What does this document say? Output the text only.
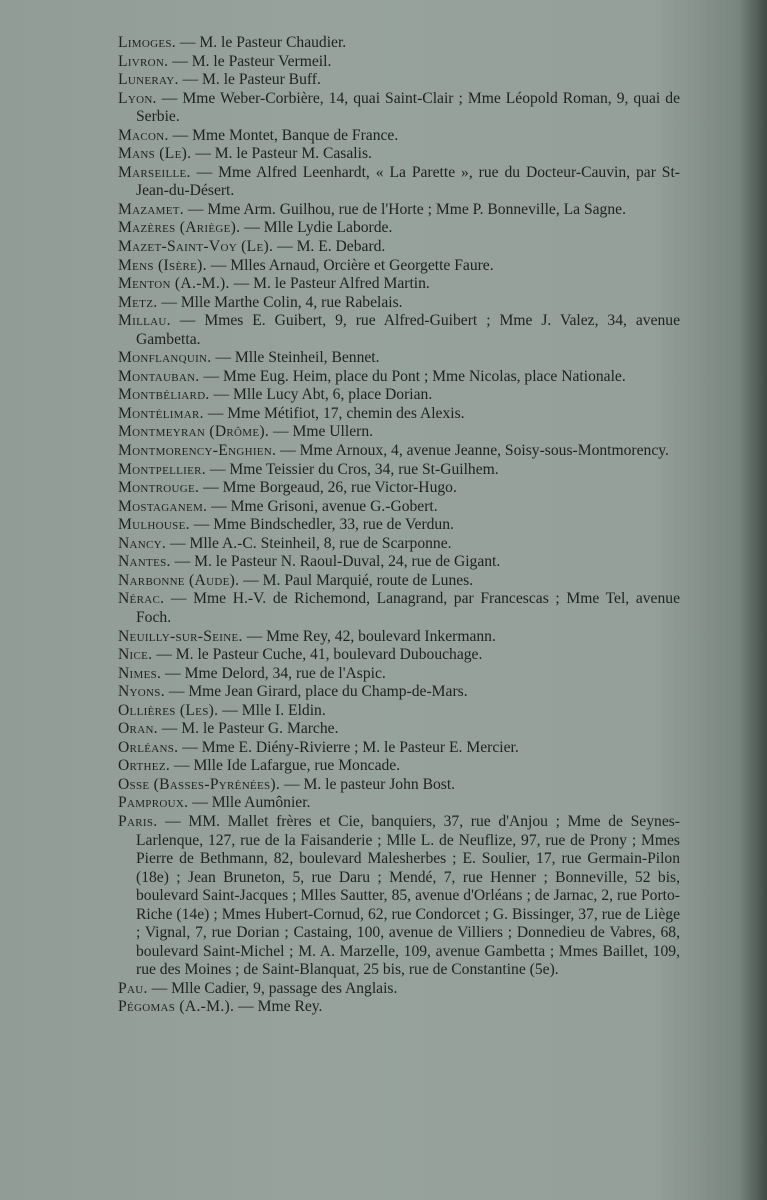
Limoges. — M. le Pasteur Chaudier.

Livron. — M. le Pasteur Vermeil.

Luneray. — M. le Pasteur Buff.

Lyon. — Mme Weber-Corbière, 14, quai Saint-Clair ; Mme Léopold Roman, 9, quai de Serbie.

Macon. — Mme Montet, Banque de France.

Mans (Le). — M. le Pasteur M. Casalis.

Marseille. — Mme Alfred Leenhardt, « La Parette », rue du Docteur-Cauvin, par St-Jean-du-Désert.

Mazamet. — Mme Arm. Guilhou, rue de l'Horte ; Mme P. Bonneville, La Sagne.

Mazères (Ariège). — Mlle Lydie Laborde.

Mazet-Saint-Voy (Le). — M. E. Debard.

Mens (Isère). — Mlles Arnaud, Orcière et Georgette Faure.

Menton (A.-M.). — M. le Pasteur Alfred Martin.

Metz. — Mlle Marthe Colin, 4, rue Rabelais.

Millau. — Mmes E. Guibert, 9, rue Alfred-Guibert ; Mme J. Valez, 34, avenue Gambetta.

Monflanquin. — Mlle Steinheil, Bennet.

Montauban. — Mme Eug. Heim, place du Pont ; Mme Nicolas, place Nationale.

Montbéliard. — Mlle Lucy Abt, 6, place Dorian.

Montélimar. — Mme Métifiot, 17, chemin des Alexis.

Montmeyran (Drôme). — Mme Ullern.

Montmorency-Enghien. — Mme Arnoux, 4, avenue Jeanne, Soisy-sous-Montmorency.

Montpellier. — Mme Teissier du Cros, 34, rue St-Guilhem.

Montrouge. — Mme Borgeaud, 26, rue Victor-Hugo.

Mostaganem. — Mme Grisoni, avenue G.-Gobert.

Mulhouse. — Mme Bindschedler, 33, rue de Verdun.

Nancy. — Mlle A.-C. Steinheil, 8, rue de Scarponne.

Nantes. — M. le Pasteur N. Raoul-Duval, 24, rue de Gigant.

Narbonne (Aude). — M. Paul Marquié, route de Lunes.

Nérac. — Mme H.-V. de Richemond, Lanagrand, par Francescas ; Mme Tel, avenue Foch.

Neuilly-sur-Seine. — Mme Rey, 42, boulevard Inkermann.

Nice. — M. le Pasteur Cuche, 41, boulevard Dubouchage.

Nimes. — Mme Delord, 34, rue de l'Aspic.

Nyons. — Mme Jean Girard, place du Champ-de-Mars.

Ollières (Les). — Mlle I. Eldin.

Oran. — M. le Pasteur G. Marche.

Orléans. — Mme E. Diény-Rivierre ; M. le Pasteur E. Mercier.

Orthez. — Mlle Ide Lafargue, rue Moncade.

Osse (Basses-Pyrénées). — M. le pasteur John Bost.

Pamproux. — Mlle Aumônier.

Paris. — MM. Mallet frères et Cie, banquiers, 37, rue d'Anjou ; Mme de Seynes-Larlenque, 127, rue de la Faisanderie ; Mlle L. de Neuflize, 97, rue de Prony ; Mmes Pierre de Bethmann, 82, boulevard Malesherbes ; E. Soulier, 17, rue Germain-Pilon (18e) ; Jean Bruneton, 5, rue Daru ; Mendé, 7, rue Henner ; Bonneville, 52 bis, boulevard Saint-Jacques ; Mlles Sautter, 85, avenue d'Orléans ; de Jarnac, 2, rue Porto-Riche (14e) ; Mmes Hubert-Cornud, 62, rue Condorcet ; G. Bissinger, 37, rue de Liège ; Vignal, 7, rue Dorian ; Castaing, 100, avenue de Villiers ; Donnedieu de Vabres, 68, boulevard Saint-Michel ; M. A. Marzelle, 109, avenue Gambetta ; Mmes Baillet, 109, rue des Moines ; de Saint-Blanquat, 25 bis, rue de Constantine (5e).

Pau. — Mlle Cadier, 9, passage des Anglais.

Pégomas (A.-M.). — Mme Rey.
